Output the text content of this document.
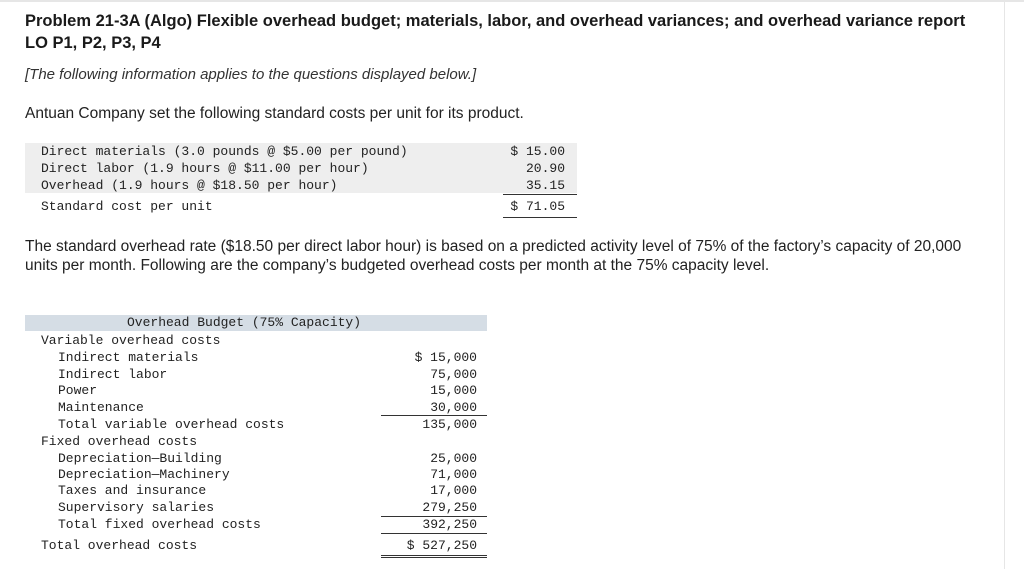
Problem 21-3A (Algo) Flexible overhead budget; materials, labor, and overhead variances; and overhead variance report LO P1, P2, P3, P4
[The following information applies to the questions displayed below.]
Antuan Company set the following standard costs per unit for its product.
Direct materials (3.0 pounds @ $5.00 per pound)	$ 15.00
Direct labor (1.9 hours @ $11.00 per hour)	20.90
Overhead (1.9 hours @ $18.50 per hour)	35.15
Standard cost per unit	$ 71.05
The standard overhead rate ($18.50 per direct labor hour) is based on a predicted activity level of 75% of the factory’s capacity of 20,000 units per month. Following are the company’s budgeted overhead costs per month at the 75% capacity level.
Overhead Budget (75% Capacity)
Variable overhead costs
Indirect materials	$ 15,000
Indirect labor	75,000
Power	15,000
Maintenance	30,000
Total variable overhead costs	135,000
Fixed overhead costs
Depreciation—Building	25,000
Depreciation—Machinery	71,000
Taxes and insurance	17,000
Supervisory salaries	279,250
Total fixed overhead costs	392,250
Total overhead costs	$ 527,250
